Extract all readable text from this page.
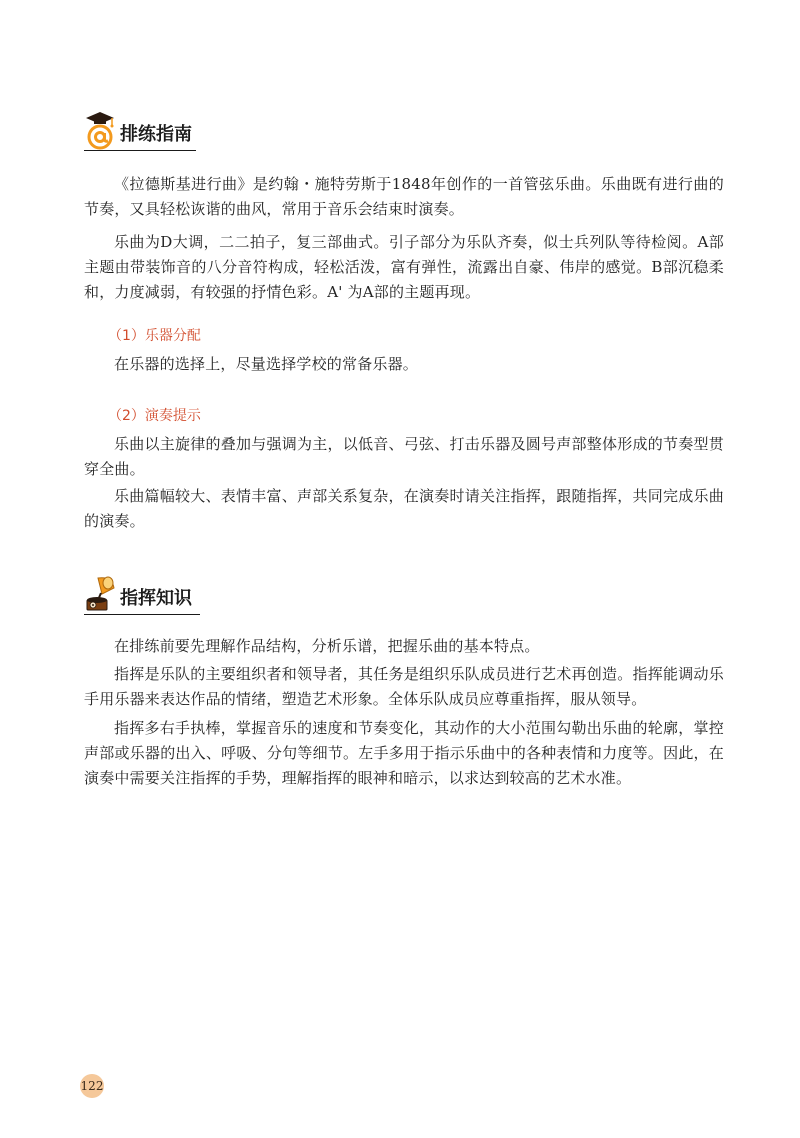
排练指南

《拉德斯基进行曲》是约翰・施特劳斯于1848年创作的一首管弦乐曲。乐曲既有进行曲的节奏，又具轻松诙谐的曲风，常用于音乐会结束时演奏。

乐曲为D大调，二二拍子，复三部曲式。引子部分为乐队齐奏，似士兵列队等待检阅。A部主题由带装饰音的八分音符构成，轻松活泼，富有弹性，流露出自豪、伟岸的感觉。B部沉稳柔和，力度减弱，有较强的抒情色彩。A' 为A部的主题再现。

（1）乐器分配

在乐器的选择上，尽量选择学校的常备乐器。

（2）演奏提示

乐曲以主旋律的叠加与强调为主，以低音、弓弦、打击乐器及圆号声部整体形成的节奏型贯穿全曲。

乐曲篇幅较大、表情丰富、声部关系复杂，在演奏时请关注指挥，跟随指挥，共同完成乐曲的演奏。

指挥知识

在排练前要先理解作品结构，分析乐谱，把握乐曲的基本特点。

指挥是乐队的主要组织者和领导者，其任务是组织乐队成员进行艺术再创造。指挥能调动乐手用乐器来表达作品的情绪，塑造艺术形象。全体乐队成员应尊重指挥，服从领导。

指挥多右手执棒，掌握音乐的速度和节奏变化，其动作的大小范围勾勒出乐曲的轮廓，掌控声部或乐器的出入、呼吸、分句等细节。左手多用于指示乐曲中的各种表情和力度等。因此，在演奏中需要关注指挥的手势，理解指挥的眼神和暗示，以求达到较高的艺术水准。

122
